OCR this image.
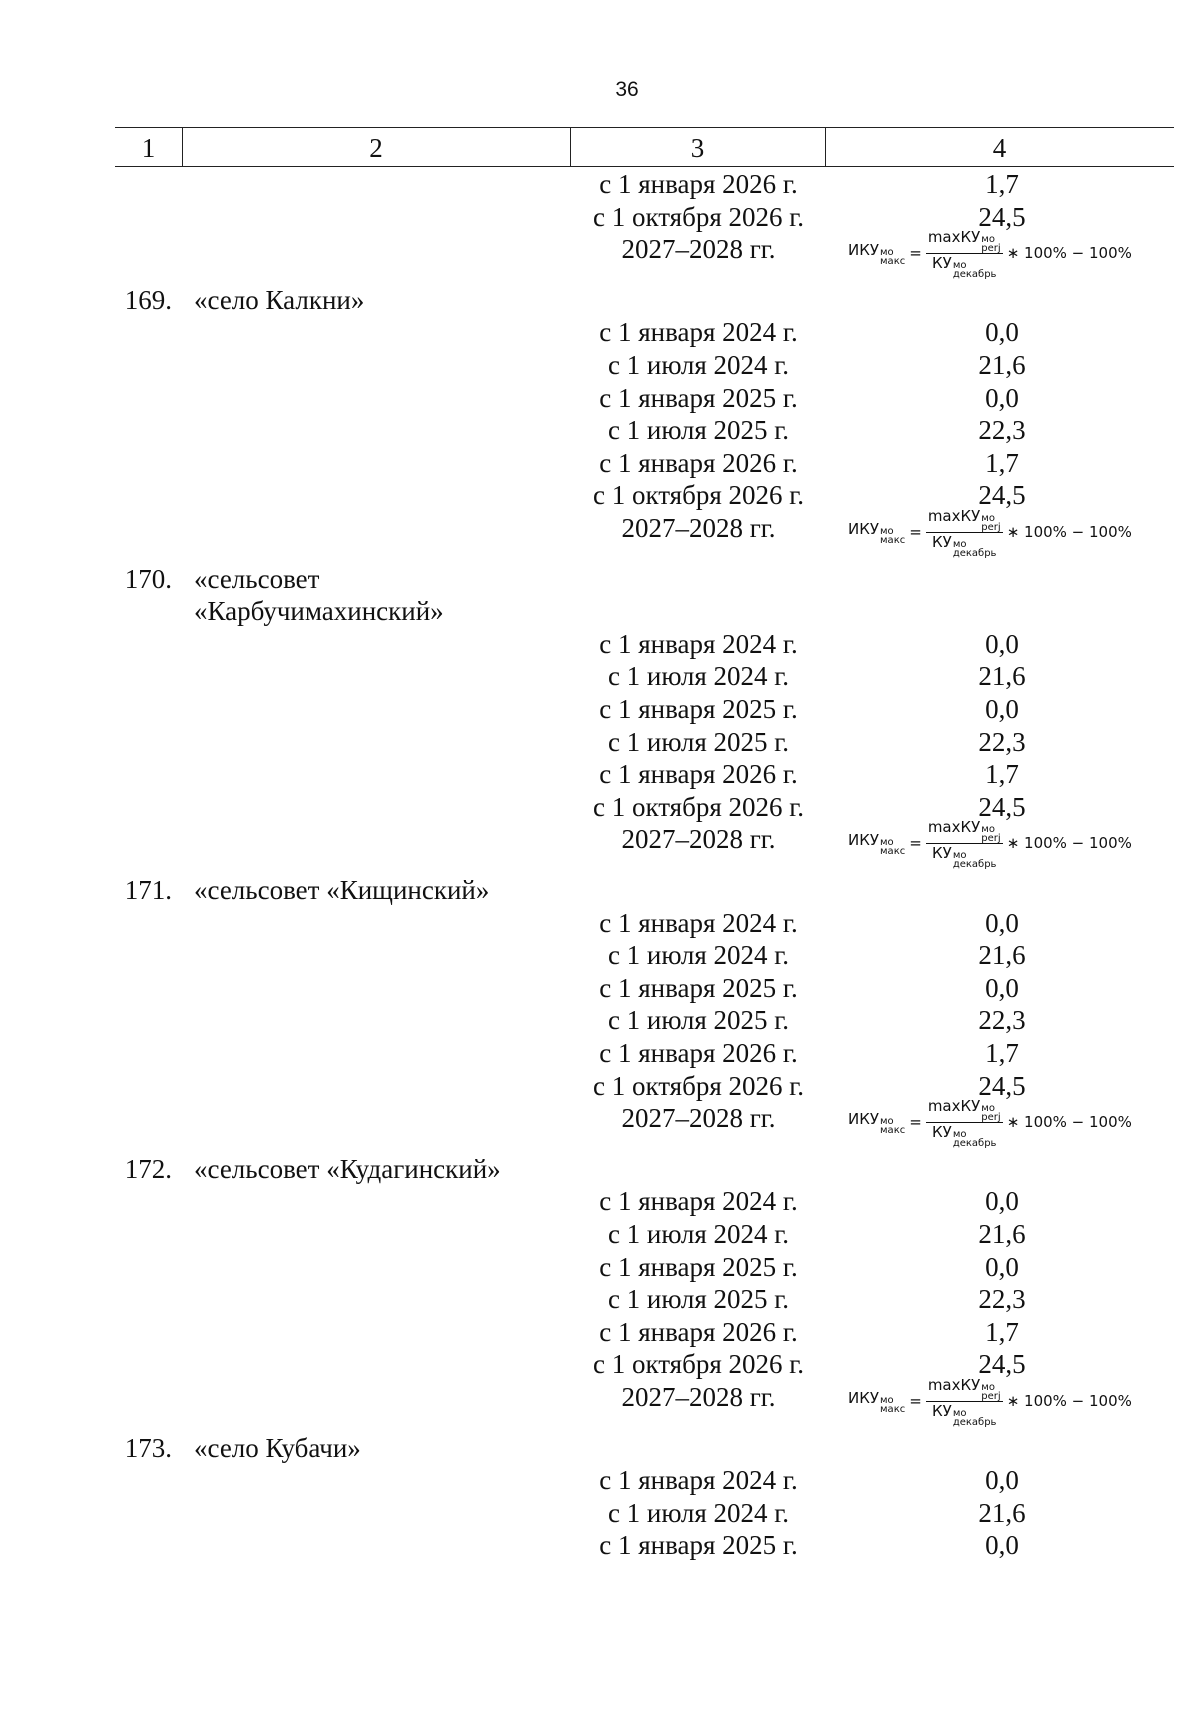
36
1	2	3	4
с 1 января 2026 г.	1,7
с 1 октября 2026 г.	24,5
2027–2028 гг.	ИКУ мо
макс = maxКУ мо
perj
КУ мо
декабрь ∗ 100% − 100%
169. «село Калкни»
с 1 января 2024 г.	0,0
с 1 июля 2024 г.	21,6
с 1 января 2025 г.	0,0
с 1 июля 2025 г.	22,3
с 1 января 2026 г.	1,7
с 1 октября 2026 г.	24,5
2027–2028 гг.	ИКУ мо
макс = maxКУ мо
perj
КУ мо
декабрь ∗ 100% − 100%
170. «сельсовет
«Карбучимахинский»
с 1 января 2024 г.	0,0
с 1 июля 2024 г.	21,6
с 1 января 2025 г.	0,0
с 1 июля 2025 г.	22,3
с 1 января 2026 г.	1,7
с 1 октября 2026 г.	24,5
2027–2028 гг.	ИКУ мо
макс = maxКУ мо
perj
КУ мо
декабрь ∗ 100% − 100%
171. «сельсовет «Кищинский»
с 1 января 2024 г.	0,0
с 1 июля 2024 г.	21,6
с 1 января 2025 г.	0,0
с 1 июля 2025 г.	22,3
с 1 января 2026 г.	1,7
с 1 октября 2026 г.	24,5
2027–2028 гг.	ИКУ мо
макс = maxКУ мо
perj
КУ мо
декабрь ∗ 100% − 100%
172. «сельсовет «Кудагинский»
с 1 января 2024 г.	0,0
с 1 июля 2024 г.	21,6
с 1 января 2025 г.	0,0
с 1 июля 2025 г.	22,3
с 1 января 2026 г.	1,7
с 1 октября 2026 г.	24,5
2027–2028 гг.	ИКУ мо
макс = maxКУ мо
perj
КУ мо
декабрь ∗ 100% − 100%
173. «село Кубачи»
с 1 января 2024 г.	0,0
с 1 июля 2024 г.	21,6
с 1 января 2025 г.	0,0
